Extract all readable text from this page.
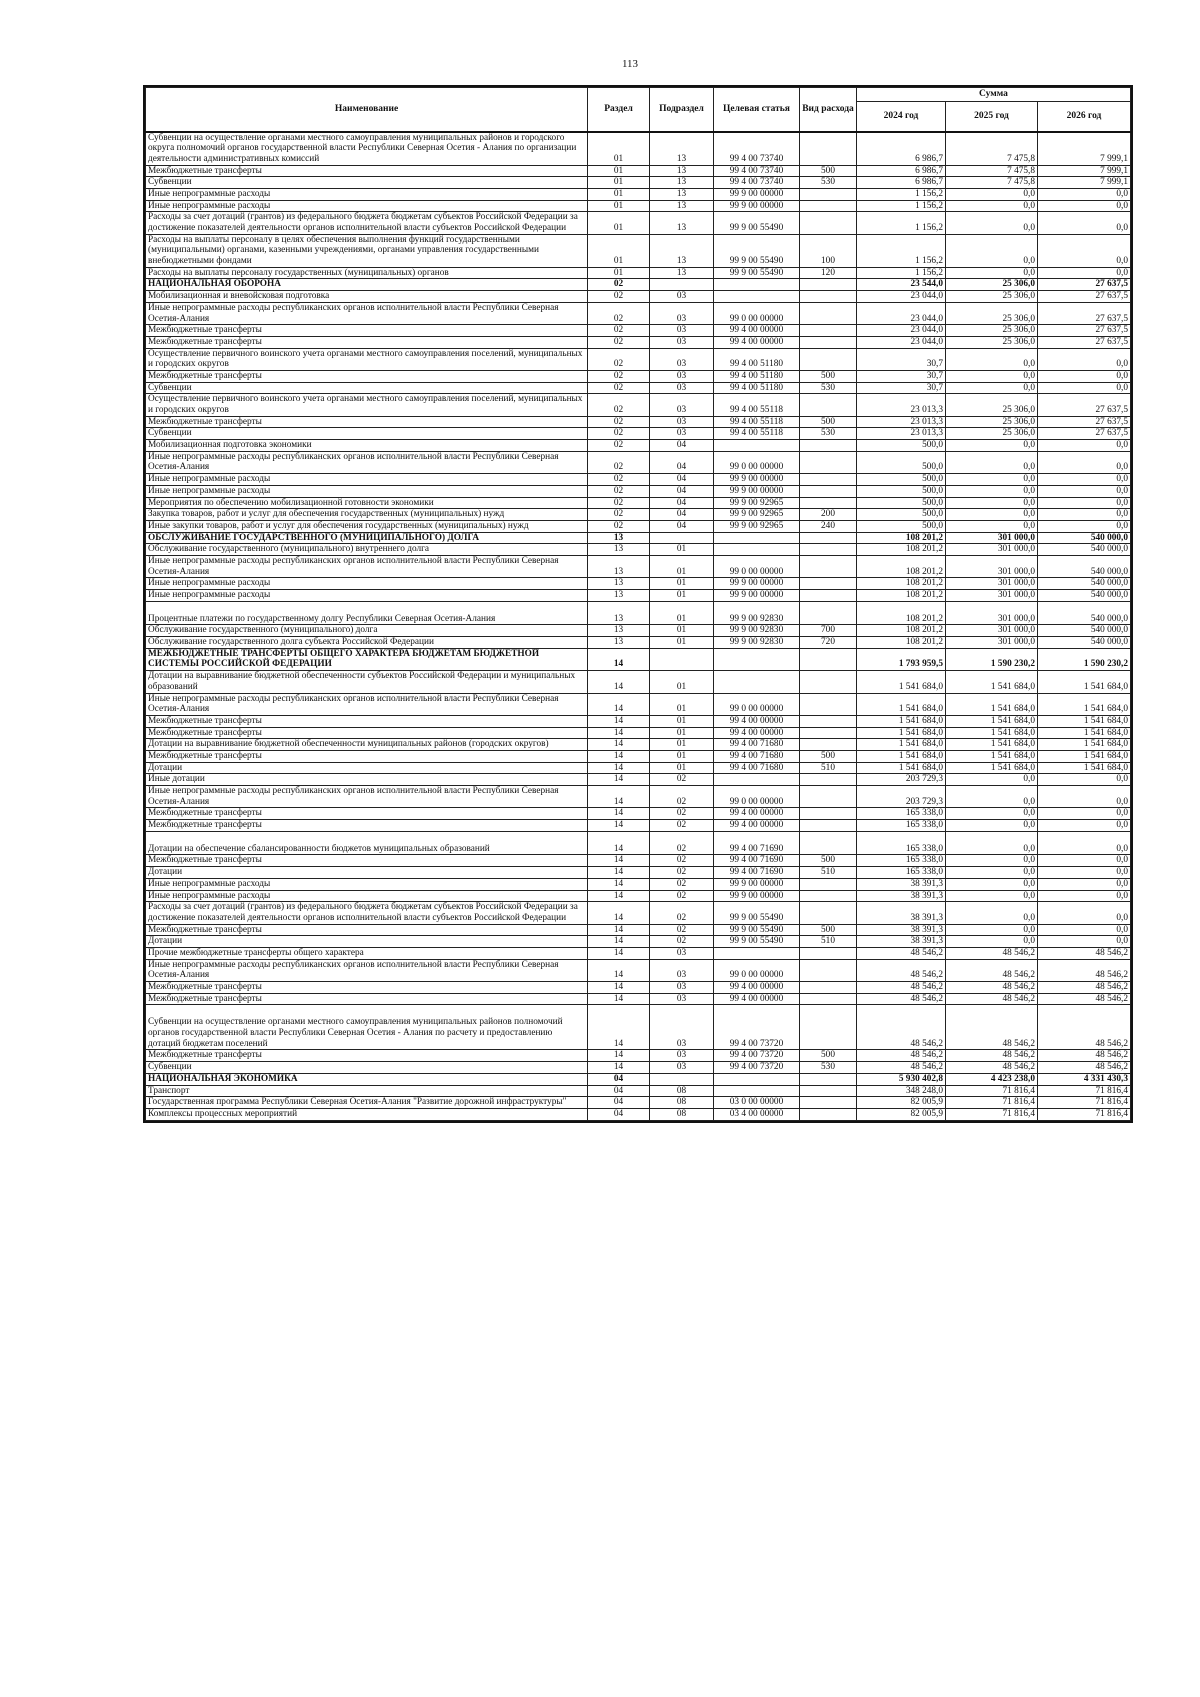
113
Наименование	Раздел	Подраздел	Целевая статья	Вид расхода	Сумма		
					2024 год	2025 год	2026 год
Субвенции на осуществление органами местного самоуправления муниципальных районов и городского округа полномочий органов государственной власти Республики Северная Осетия - Алания по организации деятельности административных комиссий	01	13	99 4 00 73740		6 986,7	7 475,8	7 999,1
Межбюджетные трансферты	01	13	99 4 00 73740	500	6 986,7	7 475,8	7 999,1
Субвенции	01	13	99 4 00 73740	530	6 986,7	7 475,8	7 999,1
Иные непрограммные расходы	01	13	99 9 00 00000		1 156,2	0,0	0,0
Иные непрограммные расходы	01	13	99 9 00 00000		1 156,2	0,0	0,0
Расходы за счет дотаций (грантов) из федерального бюджета бюджетам субъектов Российской Федерации за достижение показателей деятельности органов исполнительной власти субъектов Российской Федерации	01	13	99 9 00 55490		1 156,2	0,0	0,0
Расходы на выплаты персоналу в целях обеспечения выполнения функций государственными (муниципальными) органами, казенными учреждениями, органами управления государственными внебюджетными фондами	01	13	99 9 00 55490	100	1 156,2	0,0	0,0
Расходы на выплаты персоналу государственных (муниципальных) органов	01	13	99 9 00 55490	120	1 156,2	0,0	0,0
НАЦИОНАЛЬНАЯ ОБОРОНА	02				23 544,0	25 306,0	27 637,5
Мобилизационная и вневойсковая подготовка	02	03			23 044,0	25 306,0	27 637,5
Иные непрограммные расходы республиканских органов исполнительной власти Республики Северная Осетия-Алания	02	03	99 0 00 00000		23 044,0	25 306,0	27 637,5
Межбюджетные трансферты	02	03	99 4 00 00000		23 044,0	25 306,0	27 637,5
Межбюджетные трансферты	02	03	99 4 00 00000		23 044,0	25 306,0	27 637,5
Осуществление первичного воинского учета органами местного самоуправления поселений, муниципальных и городских округов	02	03	99 4 00 51180		30,7	0,0	0,0
Межбюджетные трансферты	02	03	99 4 00 51180	500	30,7	0,0	0,0
Субвенции	02	03	99 4 00 51180	530	30,7	0,0	0,0
Осуществление первичного воинского учета органами местного самоуправления поселений, муниципальных и городских округов	02	03	99 4 00 55118		23 013,3	25 306,0	27 637,5
Межбюджетные трансферты	02	03	99 4 00 55118	500	23 013,3	25 306,0	27 637,5
Субвенции	02	03	99 4 00 55118	530	23 013,3	25 306,0	27 637,5
Мобилизационная подготовка экономики	02	04			500,0	0,0	0,0
Иные непрограммные расходы республиканских органов исполнительной власти Республики Северная Осетия-Алания	02	04	99 0 00 00000		500,0	0,0	0,0
Иные непрограммные расходы	02	04	99 9 00 00000		500,0	0,0	0,0
Иные непрограммные расходы	02	04	99 9 00 00000		500,0	0,0	0,0
Мероприятия по обеспечению мобилизационной готовности экономики	02	04	99 9 00 92965		500,0	0,0	0,0
Закупка товаров, работ и услуг для обеспечения государственных (муниципальных) нужд	02	04	99 9 00 92965	200	500,0	0,0	0,0
Иные закупки товаров, работ и услуг для обеспечения государственных (муниципальных) нужд	02	04	99 9 00 92965	240	500,0	0,0	0,0
ОБСЛУЖИВАНИЕ ГОСУДАРСТВЕННОГО (МУНИЦИПАЛЬНОГО) ДОЛГА	13				108 201,2	301 000,0	540 000,0
Обслуживание государственного (муниципального) внутреннего долга	13	01			108 201,2	301 000,0	540 000,0
Иные непрограммные расходы республиканских органов исполнительной власти Республики Северная Осетия-Алания	13	01	99 0 00 00000		108 201,2	301 000,0	540 000,0
Иные непрограммные расходы	13	01	99 9 00 00000		108 201,2	301 000,0	540 000,0
Иные непрограммные расходы	13	01	99 9 00 00000		108 201,2	301 000,0	540 000,0
Процентные платежи по государственному долгу Республики Северная Осетия-Алания	13	01	99 9 00 92830		108 201,2	301 000,0	540 000,0
Обслуживание государственного (муниципального) долга	13	01	99 9 00 92830	700	108 201,2	301 000,0	540 000,0
Обслуживание государственного долга субъекта Российской Федерации	13	01	99 9 00 92830	720	108 201,2	301 000,0	540 000,0
МЕЖБЮДЖЕТНЫЕ ТРАНСФЕРТЫ ОБЩЕГО ХАРАКТЕРА БЮДЖЕТАМ БЮДЖЕТНОЙ СИСТЕМЫ РОССИЙСКОЙ ФЕДЕРАЦИИ	14				1 793 959,5	1 590 230,2	1 590 230,2
Дотации на выравнивание бюджетной обеспеченности субъектов Российской Федерации и муниципальных образований	14	01			1 541 684,0	1 541 684,0	1 541 684,0
Иные непрограммные расходы республиканских органов исполнительной власти Республики Северная Осетия-Алания	14	01	99 0 00 00000		1 541 684,0	1 541 684,0	1 541 684,0
Межбюджетные трансферты	14	01	99 4 00 00000		1 541 684,0	1 541 684,0	1 541 684,0
Межбюджетные трансферты	14	01	99 4 00 00000		1 541 684,0	1 541 684,0	1 541 684,0
Дотации на выравнивание бюджетной обеспеченности муниципальных районов (городских округов)	14	01	99 4 00 71680		1 541 684,0	1 541 684,0	1 541 684,0
Межбюджетные трансферты	14	01	99 4 00 71680	500	1 541 684,0	1 541 684,0	1 541 684,0
Дотации	14	01	99 4 00 71680	510	1 541 684,0	1 541 684,0	1 541 684,0
Иные дотации	14	02			203 729,3	0,0	0,0
Иные непрограммные расходы республиканских органов исполнительной власти Республики Северная Осетия-Алания	14	02	99 0 00 00000		203 729,3	0,0	0,0
Межбюджетные трансферты	14	02	99 4 00 00000		165 338,0	0,0	0,0
Межбюджетные трансферты	14	02	99 4 00 00000		165 338,0	0,0	0,0
Дотации на обеспечение сбалансированности бюджетов муниципальных образований	14	02	99 4 00 71690		165 338,0	0,0	0,0
Межбюджетные трансферты	14	02	99 4 00 71690	500	165 338,0	0,0	0,0
Дотации	14	02	99 4 00 71690	510	165 338,0	0,0	0,0
Иные непрограммные расходы	14	02	99 9 00 00000		38 391,3	0,0	0,0
Иные непрограммные расходы	14	02	99 9 00 00000		38 391,3	0,0	0,0
Расходы за счет дотаций (грантов) из федерального бюджета бюджетам субъектов Российской Федерации за достижение показателей деятельности органов исполнительной власти субъектов Российской Федерации	14	02	99 9 00 55490		38 391,3	0,0	0,0
Межбюджетные трансферты	14	02	99 9 00 55490	500	38 391,3	0,0	0,0
Дотации	14	02	99 9 00 55490	510	38 391,3	0,0	0,0
Прочие межбюджетные трансферты общего характера	14	03			48 546,2	48 546,2	48 546,2
Иные непрограммные расходы республиканских органов исполнительной власти Республики Северная Осетия-Алания	14	03	99 0 00 00000		48 546,2	48 546,2	48 546,2
Межбюджетные трансферты	14	03	99 4 00 00000		48 546,2	48 546,2	48 546,2
Межбюджетные трансферты	14	03	99 4 00 00000		48 546,2	48 546,2	48 546,2
Субвенции на осуществление органами местного самоуправления муниципальных районов полномочий органов государственной власти Республики Северная Осетия - Алания по расчету и предоставлению дотаций бюджетам поселений	14	03	99 4 00 73720		48 546,2	48 546,2	48 546,2
Межбюджетные трансферты	14	03	99 4 00 73720	500	48 546,2	48 546,2	48 546,2
Субвенции	14	03	99 4 00 73720	530	48 546,2	48 546,2	48 546,2
НАЦИОНАЛЬНАЯ ЭКОНОМИКА	04				5 930 402,8	4 423 238,0	4 331 430,3
Транспорт	04	08			348 248,0	71 816,4	71 816,4
Государственная программа Республики Северная Осетия-Алания "Развитие дорожной инфраструктуры"	04	08	03 0 00 00000		82 005,9	71 816,4	71 816,4
Комплексы процессных мероприятий	04	08	03 4 00 00000		82 005,9	71 816,4	71 816,4
